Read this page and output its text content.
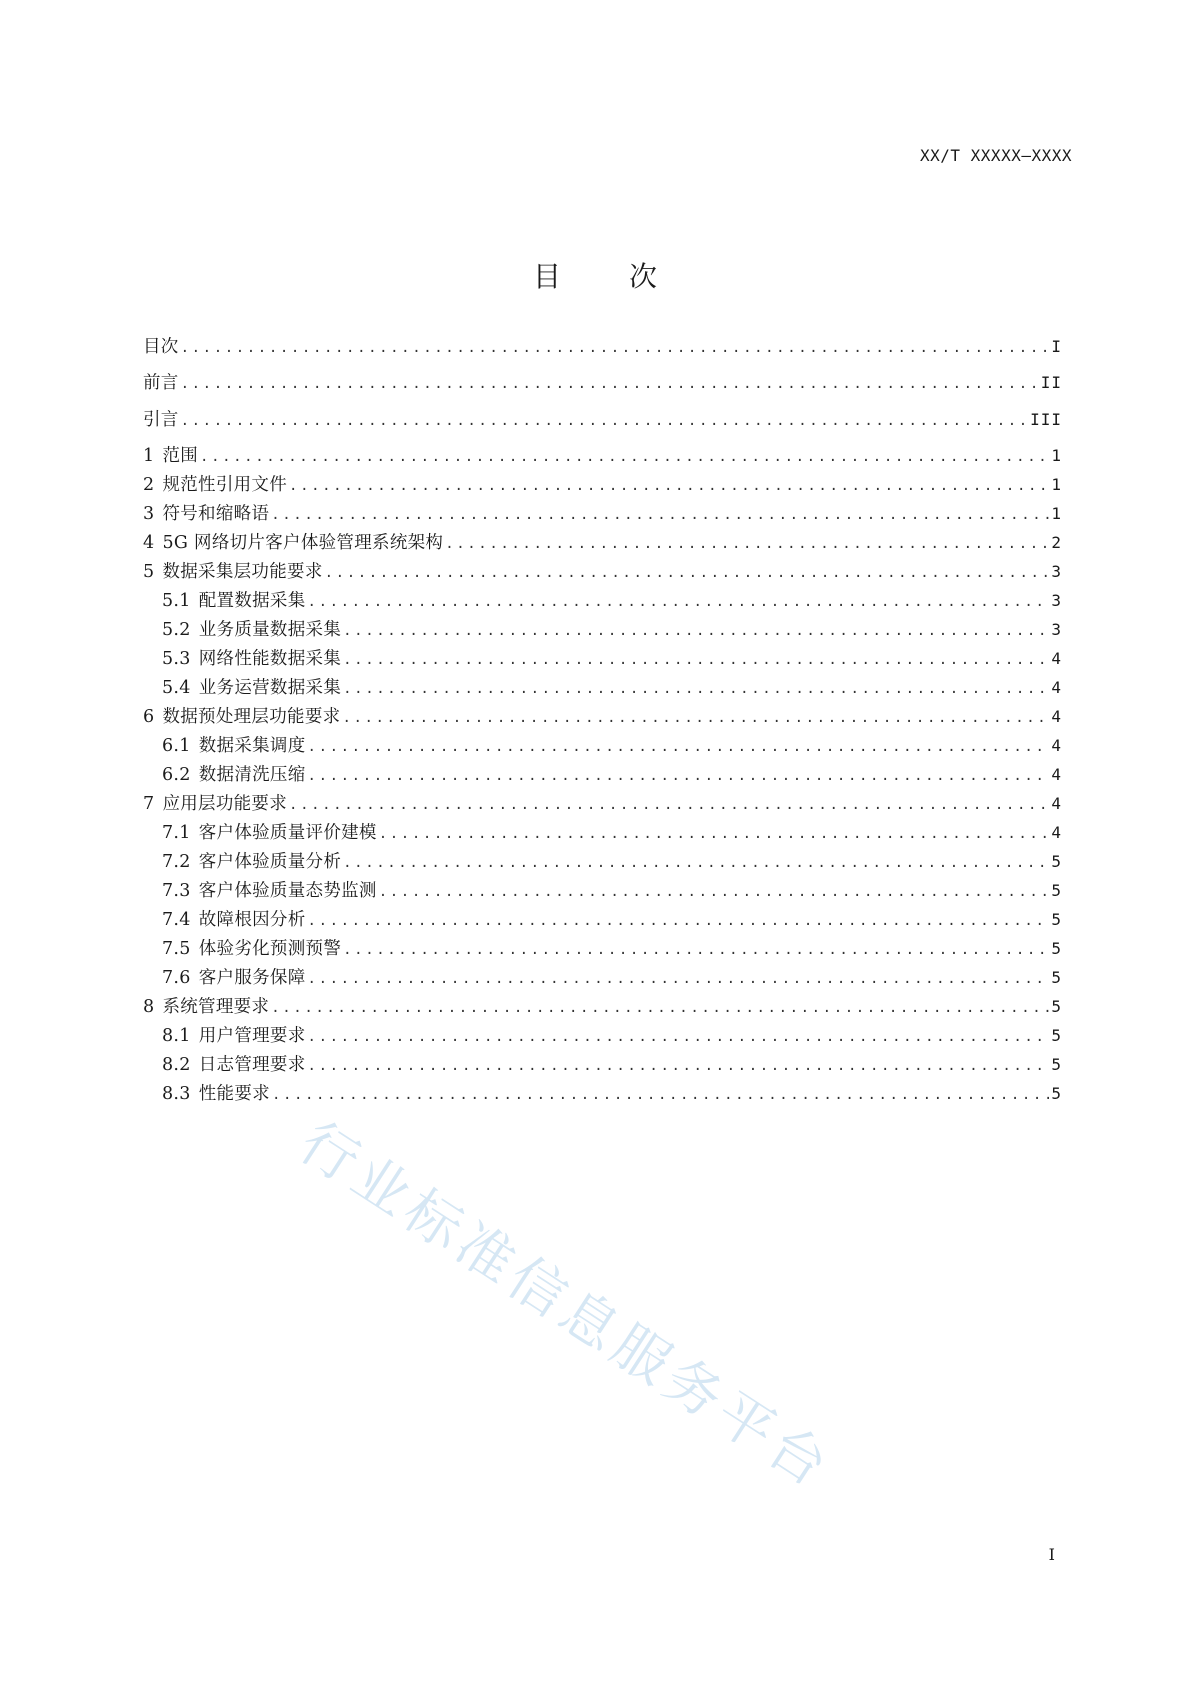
XX/T XXXXX—XXXX
目 次
目次 .....	I
前言 .....	II
引言 .....	III
1 范围 .....	1
2 规范性引用文件 .....	1
3 符号和缩略语 .....	1
4 5G 网络切片客户体验管理系统架构 .....	2
5 数据采集层功能要求 .....	3
5.1 配置数据采集 .....	3
5.2 业务质量数据采集 .....	3
5.3 网络性能数据采集 .....	4
5.4 业务运营数据采集 .....	4
6 数据预处理层功能要求 .....	4
6.1 数据采集调度 .....	4
6.2 数据清洗压缩 .....	4
7 应用层功能要求 .....	4
7.1 客户体验质量评价建模 .....	4
7.2 客户体验质量分析 .....	5
7.3 客户体验质量态势监测 .....	5
7.4 故障根因分析 .....	5
7.5 体验劣化预测预警 .....	5
7.6 客户服务保障 .....	5
8 系统管理要求 .....	5
8.1 用户管理要求 .....	5
8.2 日志管理要求 .....	5
8.3 性能要求 .....	5
行业标准信息服务平台
I
